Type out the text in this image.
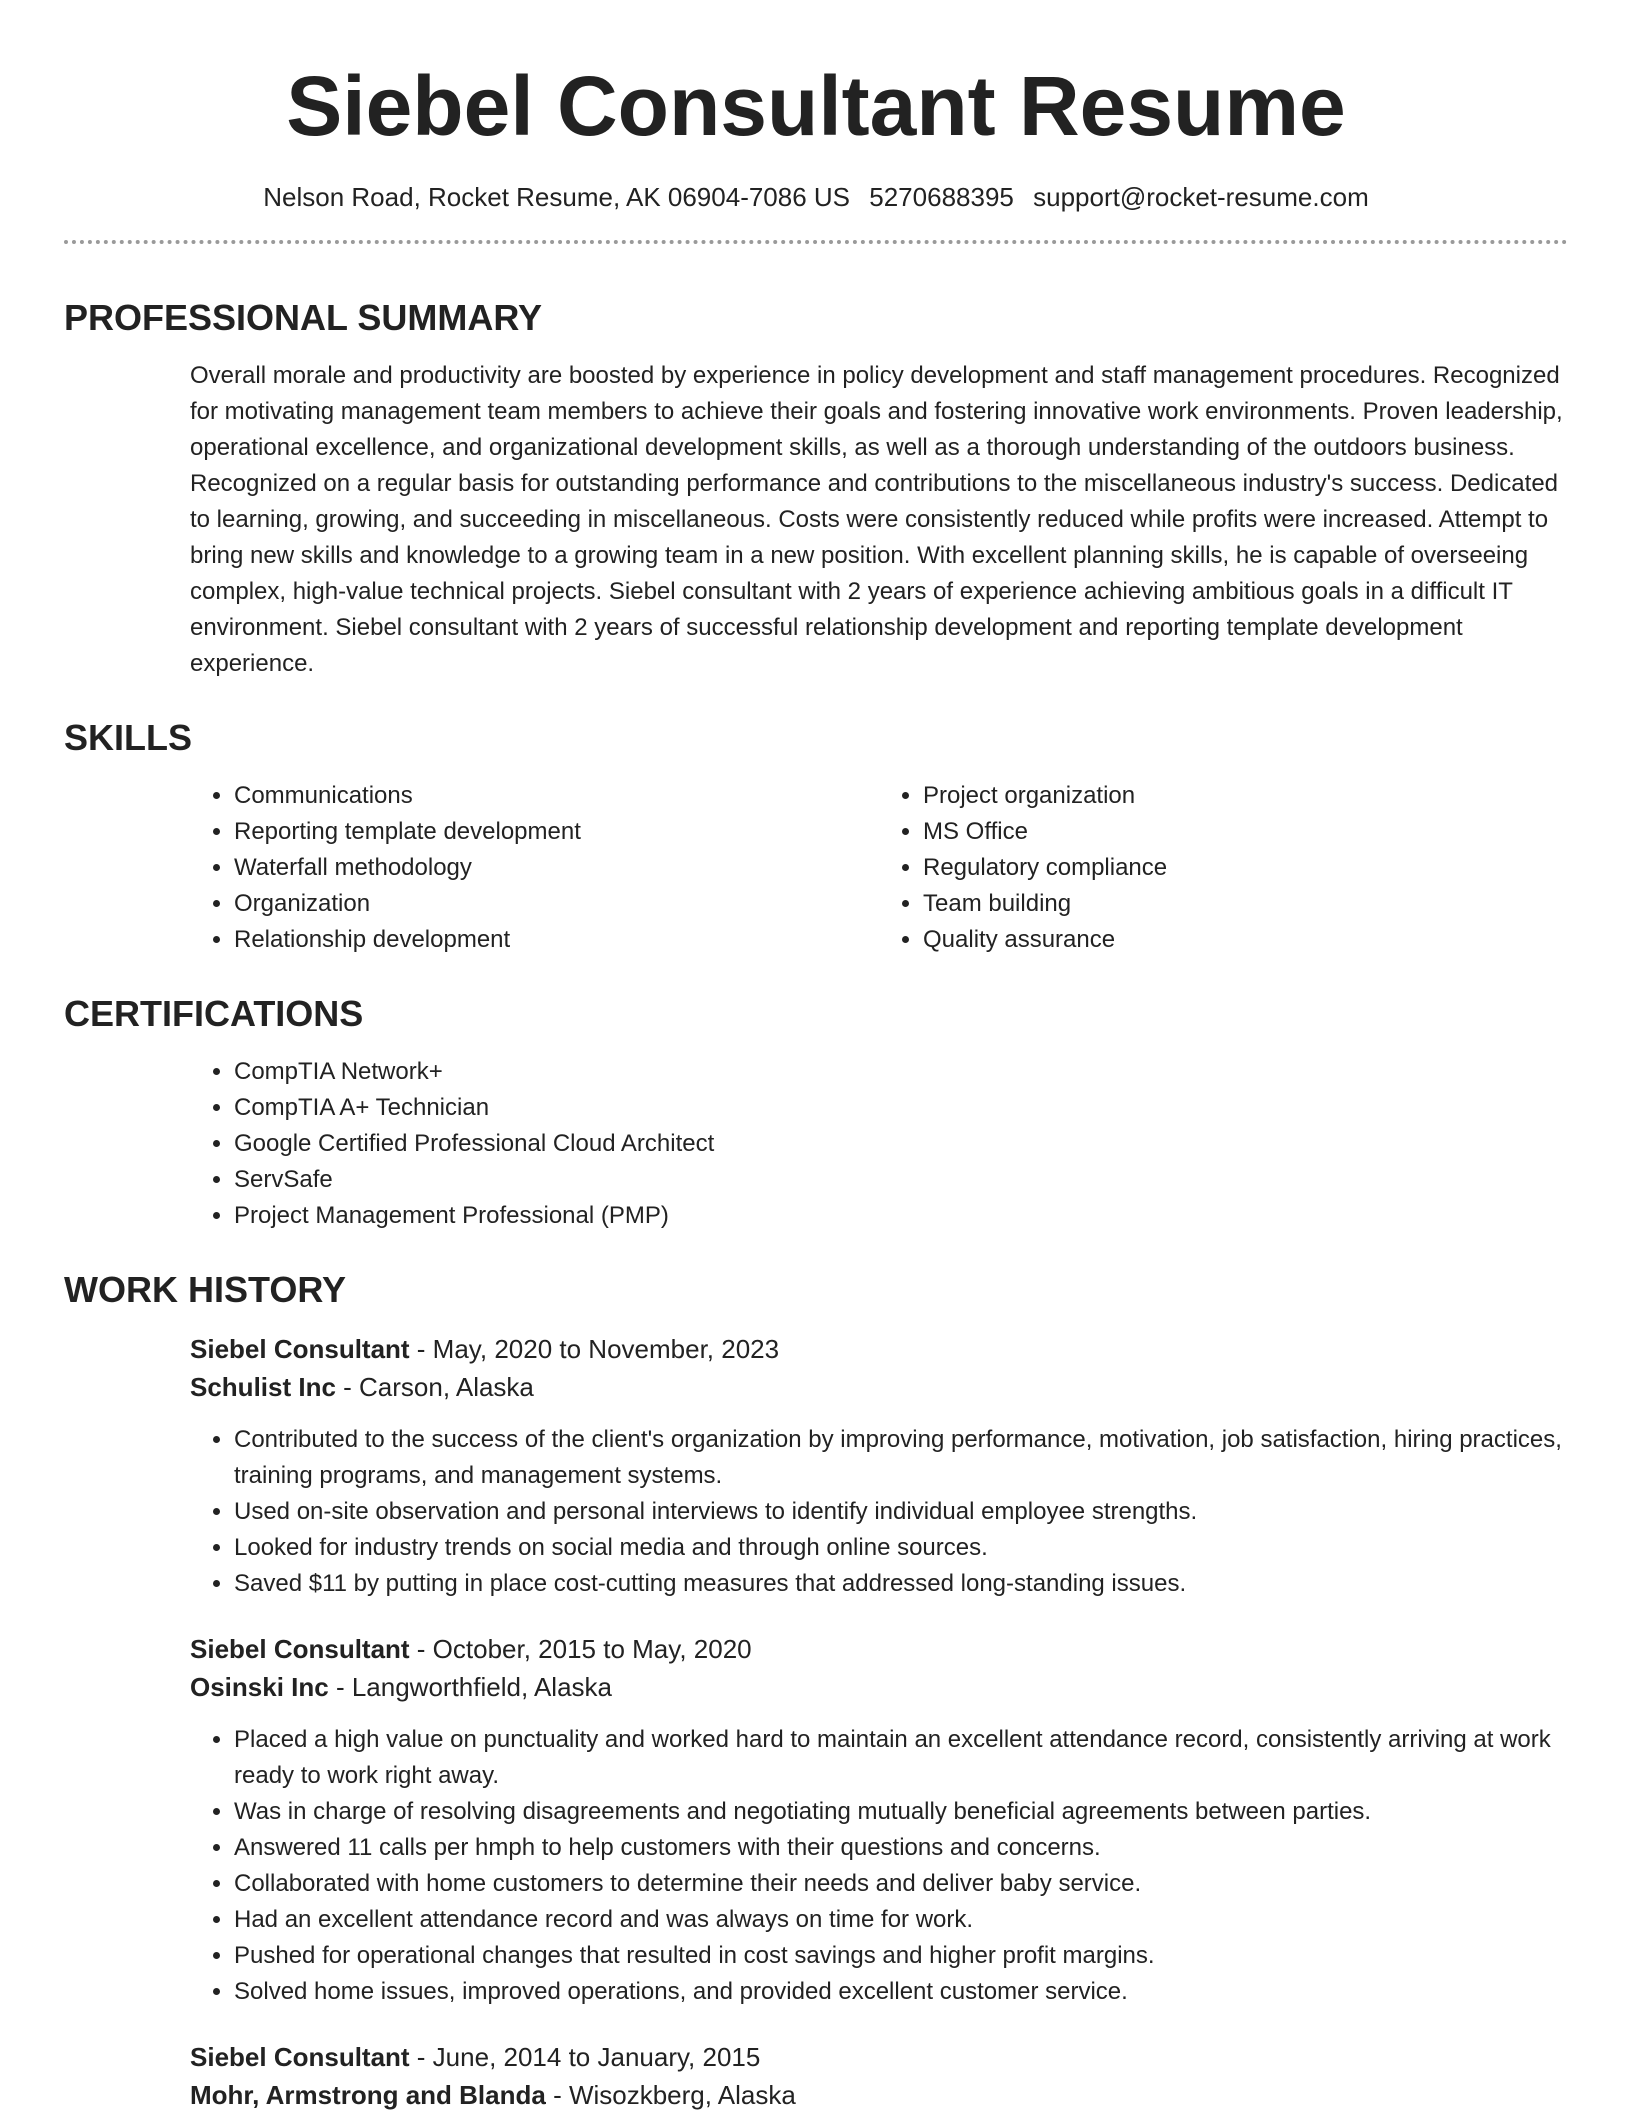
Siebel Consultant Resume
Nelson Road, Rocket Resume, AK 06904-7086 US 5270688395 support@rocket-resume.com
PROFESSIONAL SUMMARY
Overall morale and productivity are boosted by experience in policy development and staff management procedures. Recognized for motivating management team members to achieve their goals and fostering innovative work environments. Proven leadership, operational excellence, and organizational development skills, as well as a thorough understanding of the outdoors business. Recognized on a regular basis for outstanding performance and contributions to the miscellaneous industry's success. Dedicated to learning, growing, and succeeding in miscellaneous. Costs were consistently reduced while profits were increased. Attempt to bring new skills and knowledge to a growing team in a new position. With excellent planning skills, he is capable of overseeing complex, high-value technical projects. Siebel consultant with 2 years of experience achieving ambitious goals in a difficult IT environment. Siebel consultant with 2 years of successful relationship development and reporting template development experience.
SKILLS
• Communications
• Reporting template development
• Waterfall methodology
• Organization
• Relationship development
• Project organization
• MS Office
• Regulatory compliance
• Team building
• Quality assurance
CERTIFICATIONS
• CompTIA Network+
• CompTIA A+ Technician
• Google Certified Professional Cloud Architect
• ServSafe
• Project Management Professional (PMP)
WORK HISTORY
Siebel Consultant - May, 2020 to November, 2023
Schulist Inc - Carson, Alaska
• Contributed to the success of the client's organization by improving performance, motivation, job satisfaction, hiring practices, training programs, and management systems.
• Used on-site observation and personal interviews to identify individual employee strengths.
• Looked for industry trends on social media and through online sources.
• Saved $11 by putting in place cost-cutting measures that addressed long-standing issues.
Siebel Consultant - October, 2015 to May, 2020
Osinski Inc - Langworthfield, Alaska
• Placed a high value on punctuality and worked hard to maintain an excellent attendance record, consistently arriving at work ready to work right away.
• Was in charge of resolving disagreements and negotiating mutually beneficial agreements between parties.
• Answered 11 calls per hmph to help customers with their questions and concerns.
• Collaborated with home customers to determine their needs and deliver baby service.
• Had an excellent attendance record and was always on time for work.
• Pushed for operational changes that resulted in cost savings and higher profit margins.
• Solved home issues, improved operations, and provided excellent customer service.
Siebel Consultant - June, 2014 to January, 2015
Mohr, Armstrong and Blanda - Wisozkberg, Alaska
